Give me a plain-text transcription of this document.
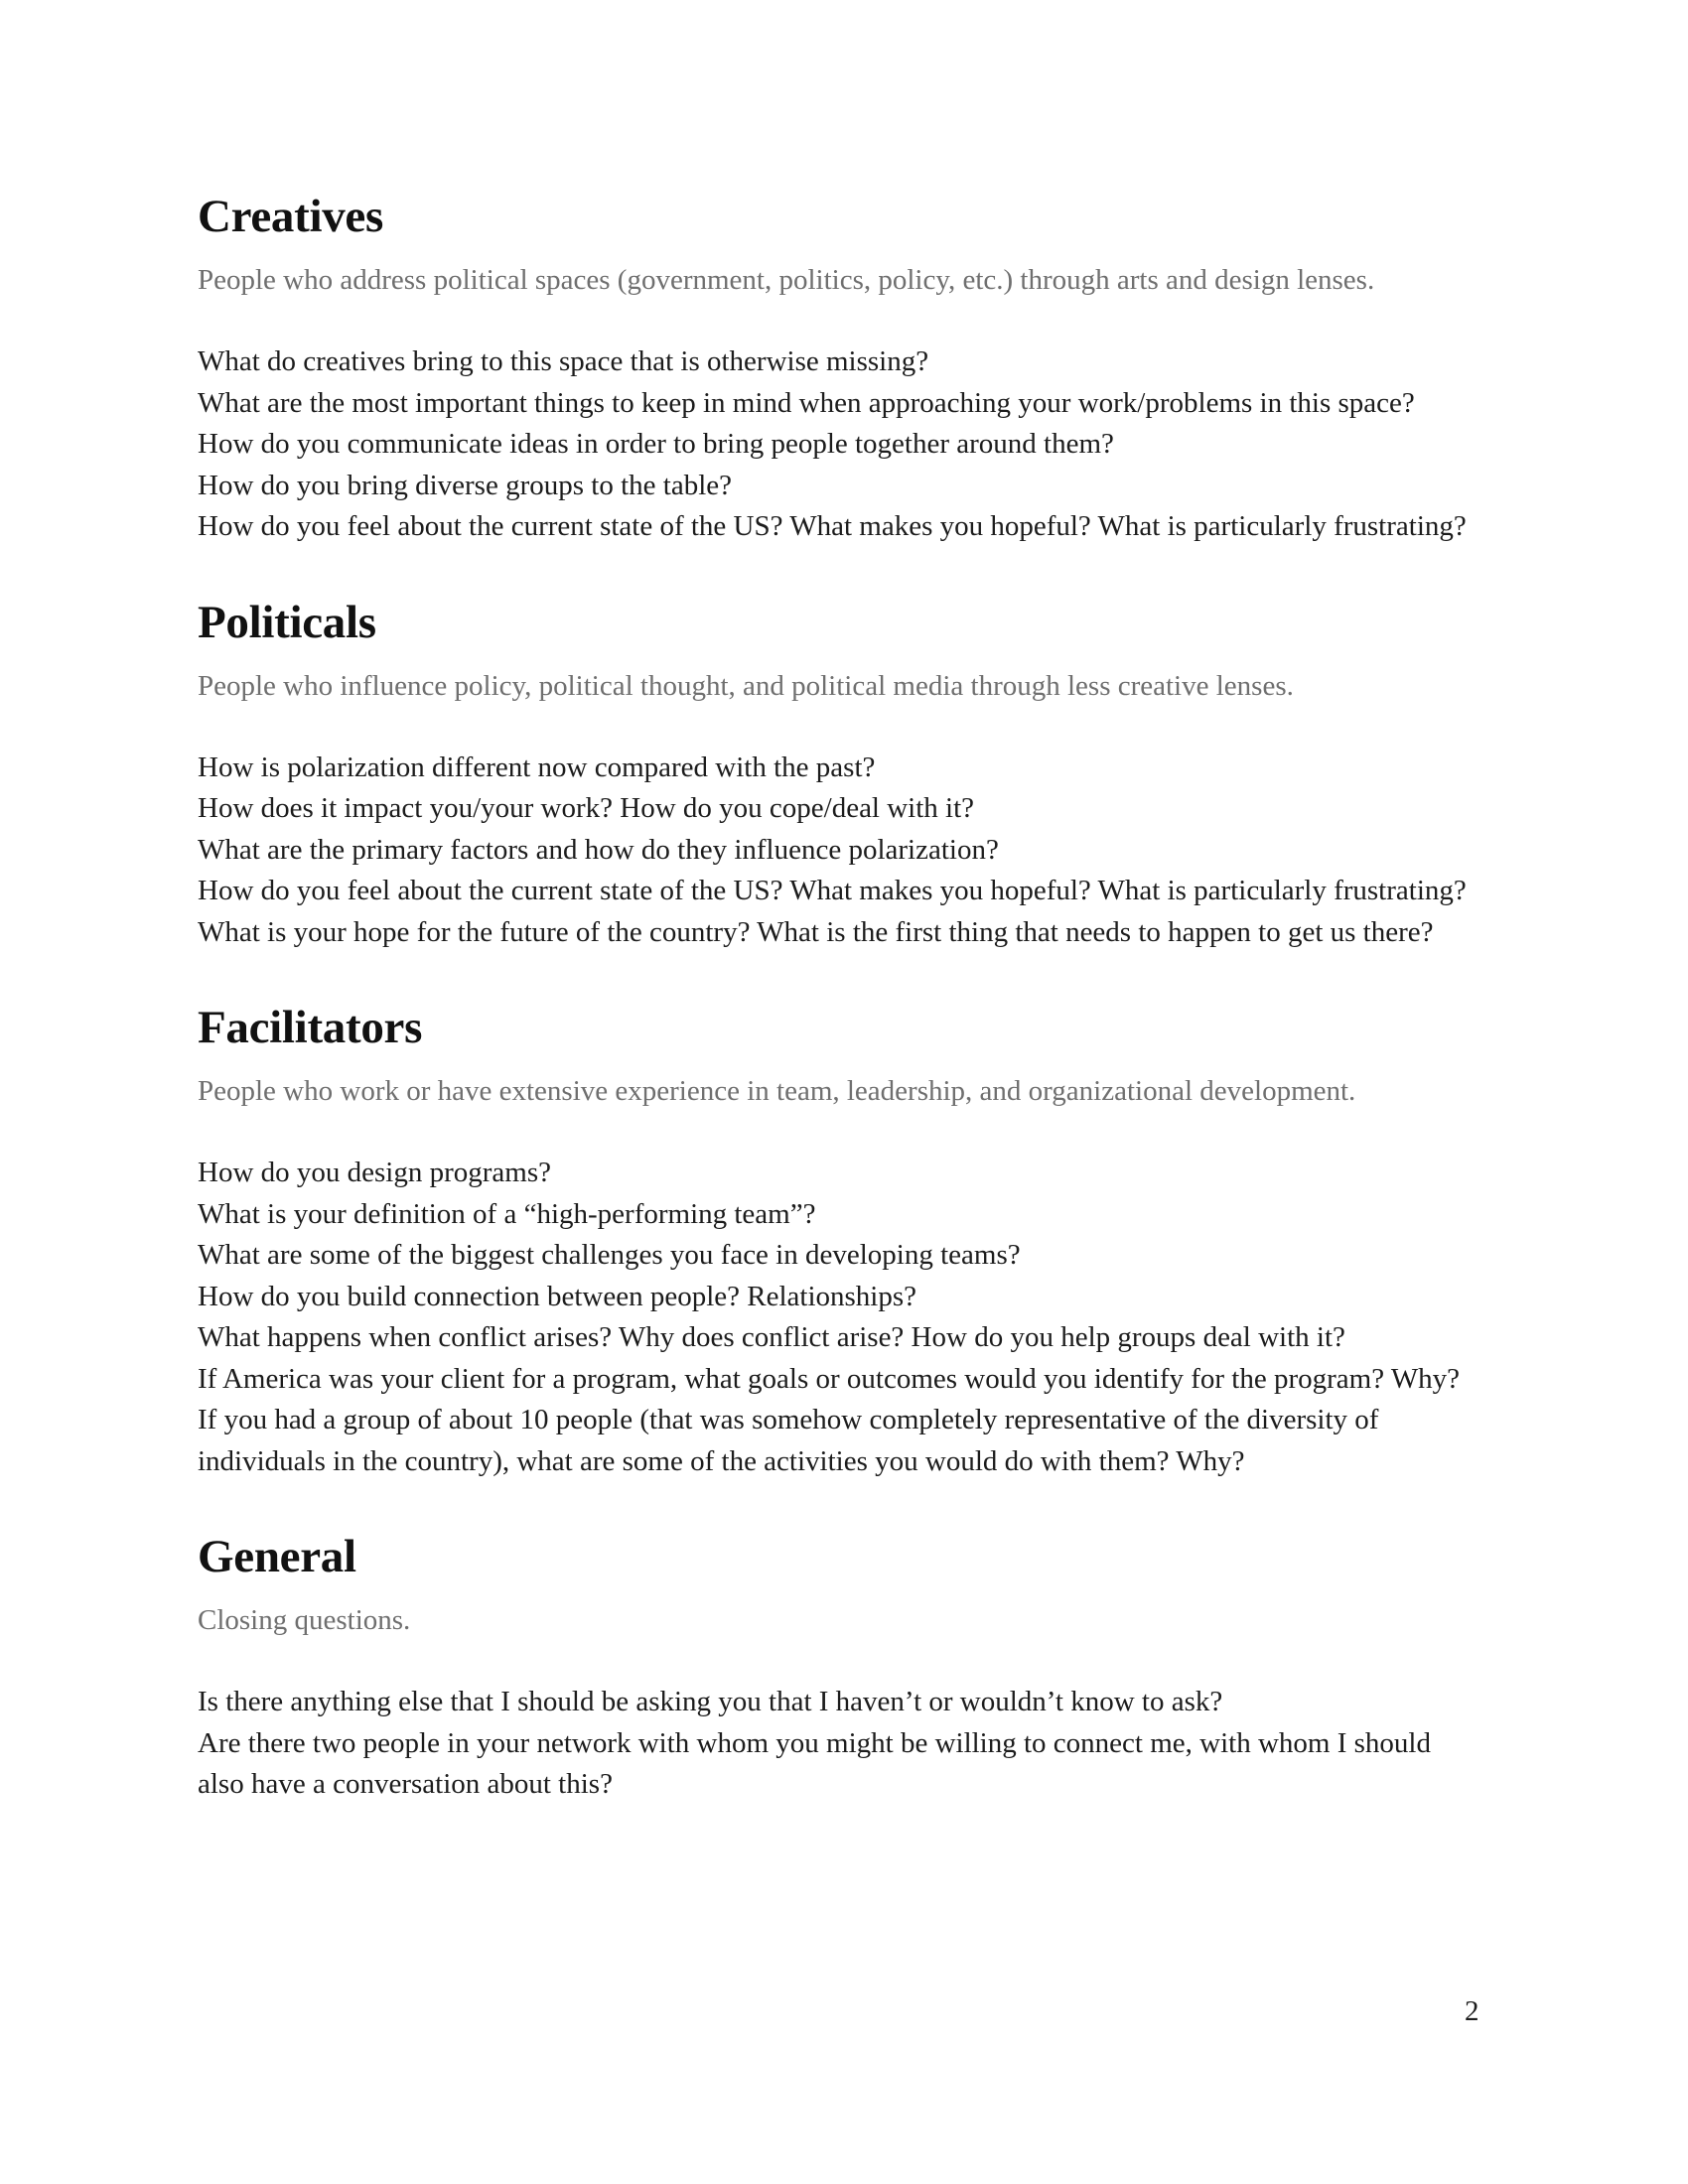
Creatives
People who address political spaces (government, politics, policy, etc.) through arts and design lenses.
What do creatives bring to this space that is otherwise missing?
What are the most important things to keep in mind when approaching your work/problems in this space?
How do you communicate ideas in order to bring people together around them?
How do you bring diverse groups to the table?
How do you feel about the current state of the US? What makes you hopeful? What is particularly frustrating?
Politicals
People who influence policy, political thought, and political media through less creative lenses.
How is polarization different now compared with the past?
How does it impact you/your work? How do you cope/deal with it?
What are the primary factors and how do they influence polarization?
How do you feel about the current state of the US? What makes you hopeful? What is particularly frustrating?
What is your hope for the future of the country? What is the first thing that needs to happen to get us there?
Facilitators
People who work or have extensive experience in team, leadership, and organizational development.
How do you design programs?
What is your definition of a “high-performing team”?
What are some of the biggest challenges you face in developing teams?
How do you build connection between people? Relationships?
What happens when conflict arises? Why does conflict arise? How do you help groups deal with it?
If America was your client for a program, what goals or outcomes would you identify for the program? Why?
If you had a group of about 10 people (that was somehow completely representative of the diversity of individuals in the country), what are some of the activities you would do with them? Why?
General
Closing questions.
Is there anything else that I should be asking you that I haven’t or wouldn’t know to ask?
Are there two people in your network with whom you might be willing to connect me, with whom I should also have a conversation about this?
2
